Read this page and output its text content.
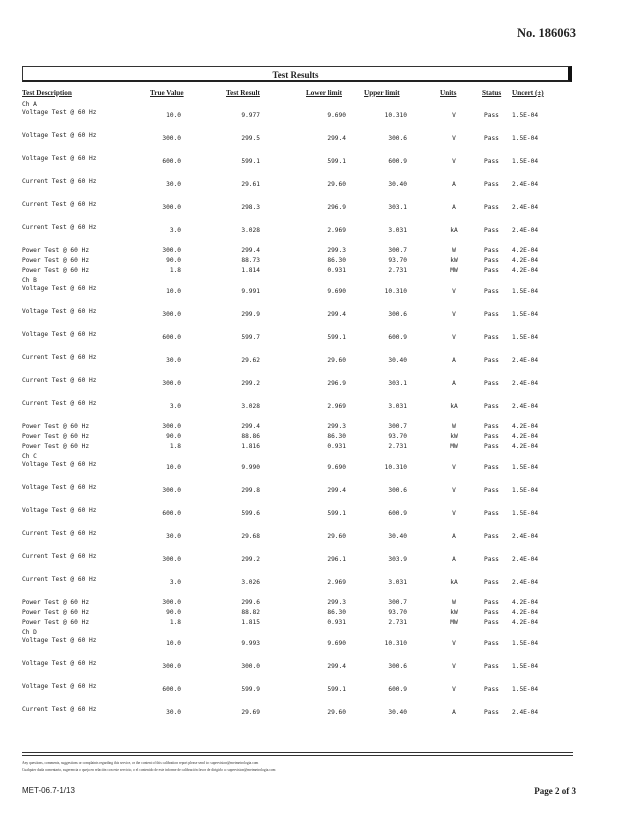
No. 186063
Test Results
Test Description	True Value	Test Result	Lower limit	Upper limit	Units	Status Uncert (±)
Ch A
Voltage Test @ 60 Hz	10.0	9.977	9.690	10.310	V	Pass 1.5E-04
Voltage Test @ 60 Hz	300.0	299.5	299.4	300.6	V	Pass 1.5E-04
Voltage Test @ 60 Hz	600.0	599.1	599.1	600.9	V	Pass 1.5E-04
Current Test @ 60 Hz	30.0	29.61	29.60	30.40	A	Pass 2.4E-04
Current Test @ 60 Hz	300.0	298.3	296.9	303.1	A	Pass 2.4E-04
Current Test @ 60 Hz	3.0	3.028	2.969	3.031	kA	Pass 2.4E-04
Power Test @ 60 Hz	300.0	299.4	299.3	300.7	W	Pass 4.2E-04
Power Test @ 60 Hz	90.0	88.73	86.30	93.70	kW	Pass 4.2E-04
Power Test @ 60 Hz	1.8	1.814	0.931	2.731	MW	Pass 4.2E-04
Ch B
Voltage Test @ 60 Hz	10.0	9.991	9.690	10.310	V	Pass 1.5E-04
Voltage Test @ 60 Hz	300.0	299.9	299.4	300.6	V	Pass 1.5E-04
Voltage Test @ 60 Hz	600.0	599.7	599.1	600.9	V	Pass 1.5E-04
Current Test @ 60 Hz	30.0	29.62	29.60	30.40	A	Pass 2.4E-04
Current Test @ 60 Hz	300.0	299.2	296.9	303.1	A	Pass 2.4E-04
Current Test @ 60 Hz	3.0	3.028	2.969	3.031	kA	Pass 2.4E-04
Power Test @ 60 Hz	300.0	299.4	299.3	300.7	W	Pass 4.2E-04
Power Test @ 60 Hz	90.0	88.86	86.30	93.70	kW	Pass 4.2E-04
Power Test @ 60 Hz	1.8	1.816	0.931	2.731	MW	Pass 4.2E-04
Ch C
Voltage Test @ 60 Hz	10.0	9.990	9.690	10.310	V	Pass 1.5E-04
Voltage Test @ 60 Hz	300.0	299.8	299.4	300.6	V	Pass 1.5E-04
Voltage Test @ 60 Hz	600.0	599.6	599.1	600.9	V	Pass 1.5E-04
Current Test @ 60 Hz	30.0	29.68	29.60	30.40	A	Pass 2.4E-04
Current Test @ 60 Hz	300.0	299.2	296.1	303.9	A	Pass 2.4E-04
Current Test @ 60 Hz	3.0	3.026	2.969	3.031	kA	Pass 2.4E-04
Power Test @ 60 Hz	300.0	299.6	299.3	300.7	W	Pass 4.2E-04
Power Test @ 60 Hz	90.0	88.82	86.30	93.70	kW	Pass 4.2E-04
Power Test @ 60 Hz	1.8	1.815	0.931	2.731	MW	Pass 4.2E-04
Ch D
Voltage Test @ 60 Hz	10.0	9.993	9.690	10.310	V	Pass 1.5E-04
Voltage Test @ 60 Hz	300.0	300.0	299.4	300.6	V	Pass 1.5E-04
Voltage Test @ 60 Hz	600.0	599.9	599.1	600.9	V	Pass 1.5E-04
Current Test @ 60 Hz	30.0	29.69	29.60	30.40	A	Pass 2.4E-04
Any questions, comments, suggestions or complaints regarding this service, or the content of this calibration report please send to: supervision@metmetrologia.com
Cualquier duda comentario, sugerencia o queja en relación con este servicio, o el contenido de este informe de calibración favor de dirigirlo a: supervision@metmetrologia.com
MET-06.7-1/13	Page 2 of 3
